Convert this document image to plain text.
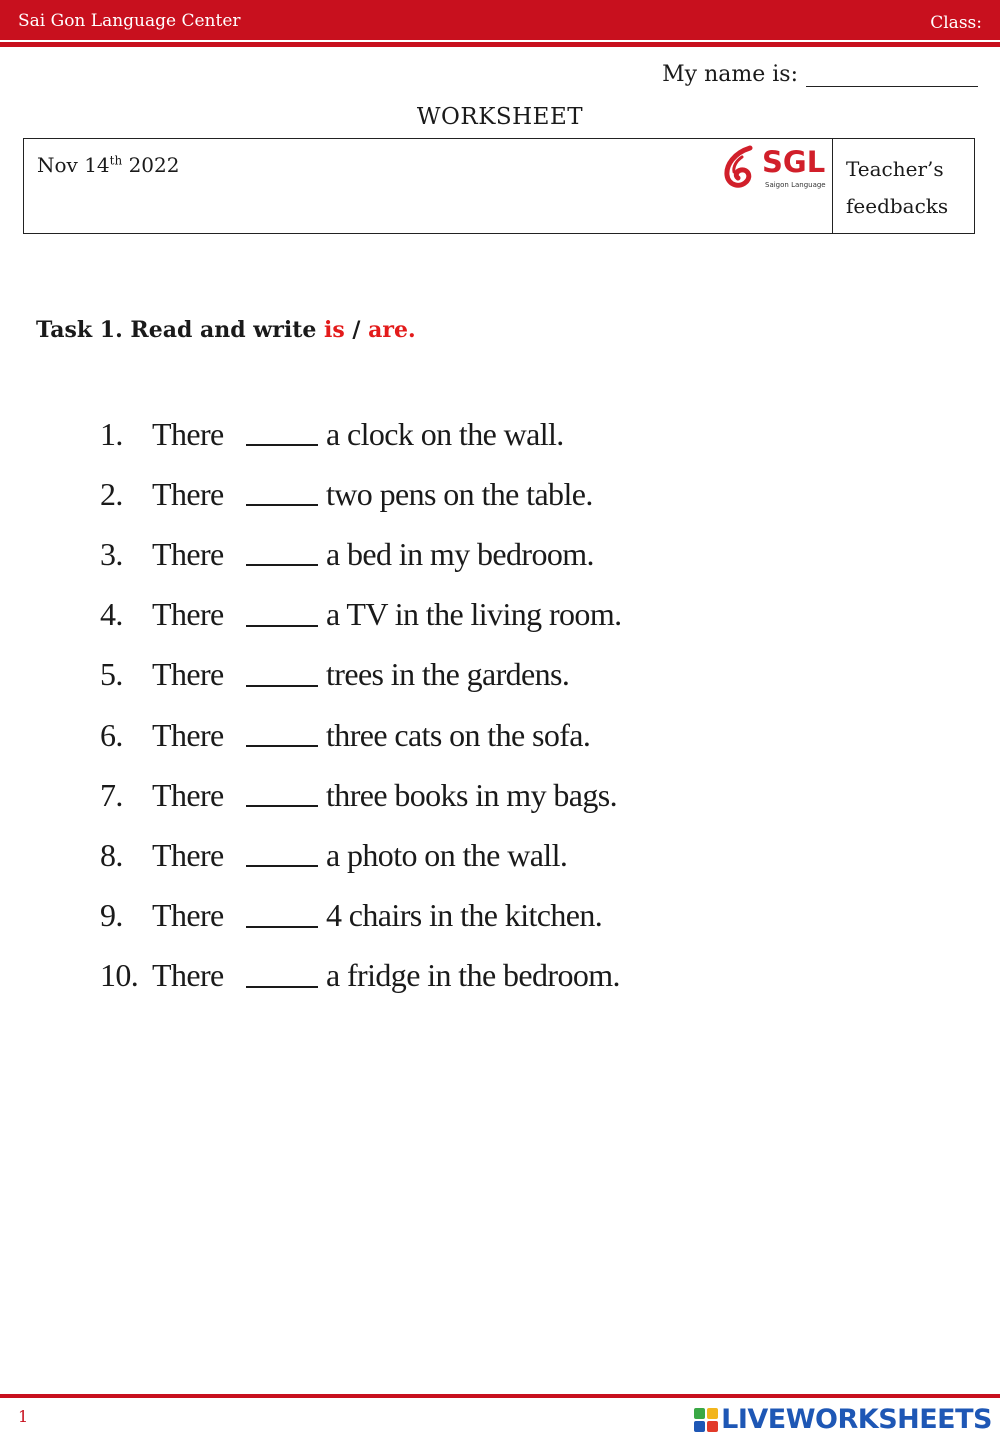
Sai Gon Language Center	Class:
My name is:
WORKSHEET
Nov 14th 2022	SGL
Saigon Language
Teacher’s
feedbacks
Task 1. Read and write is / are.
1. There	a clock on the wall.
2. There	two pens on the table.
3. There	a bed in my bedroom.
4. There	a TV in the living room.
5. There	trees in the gardens.
6. There	three cats on the sofa.
7. There	three books in my bags.
8. There	a photo on the wall.
9. There	4 chairs in the kitchen.
10. There	a fridge in the bedroom.
1	LIVEWORKSHEETS
